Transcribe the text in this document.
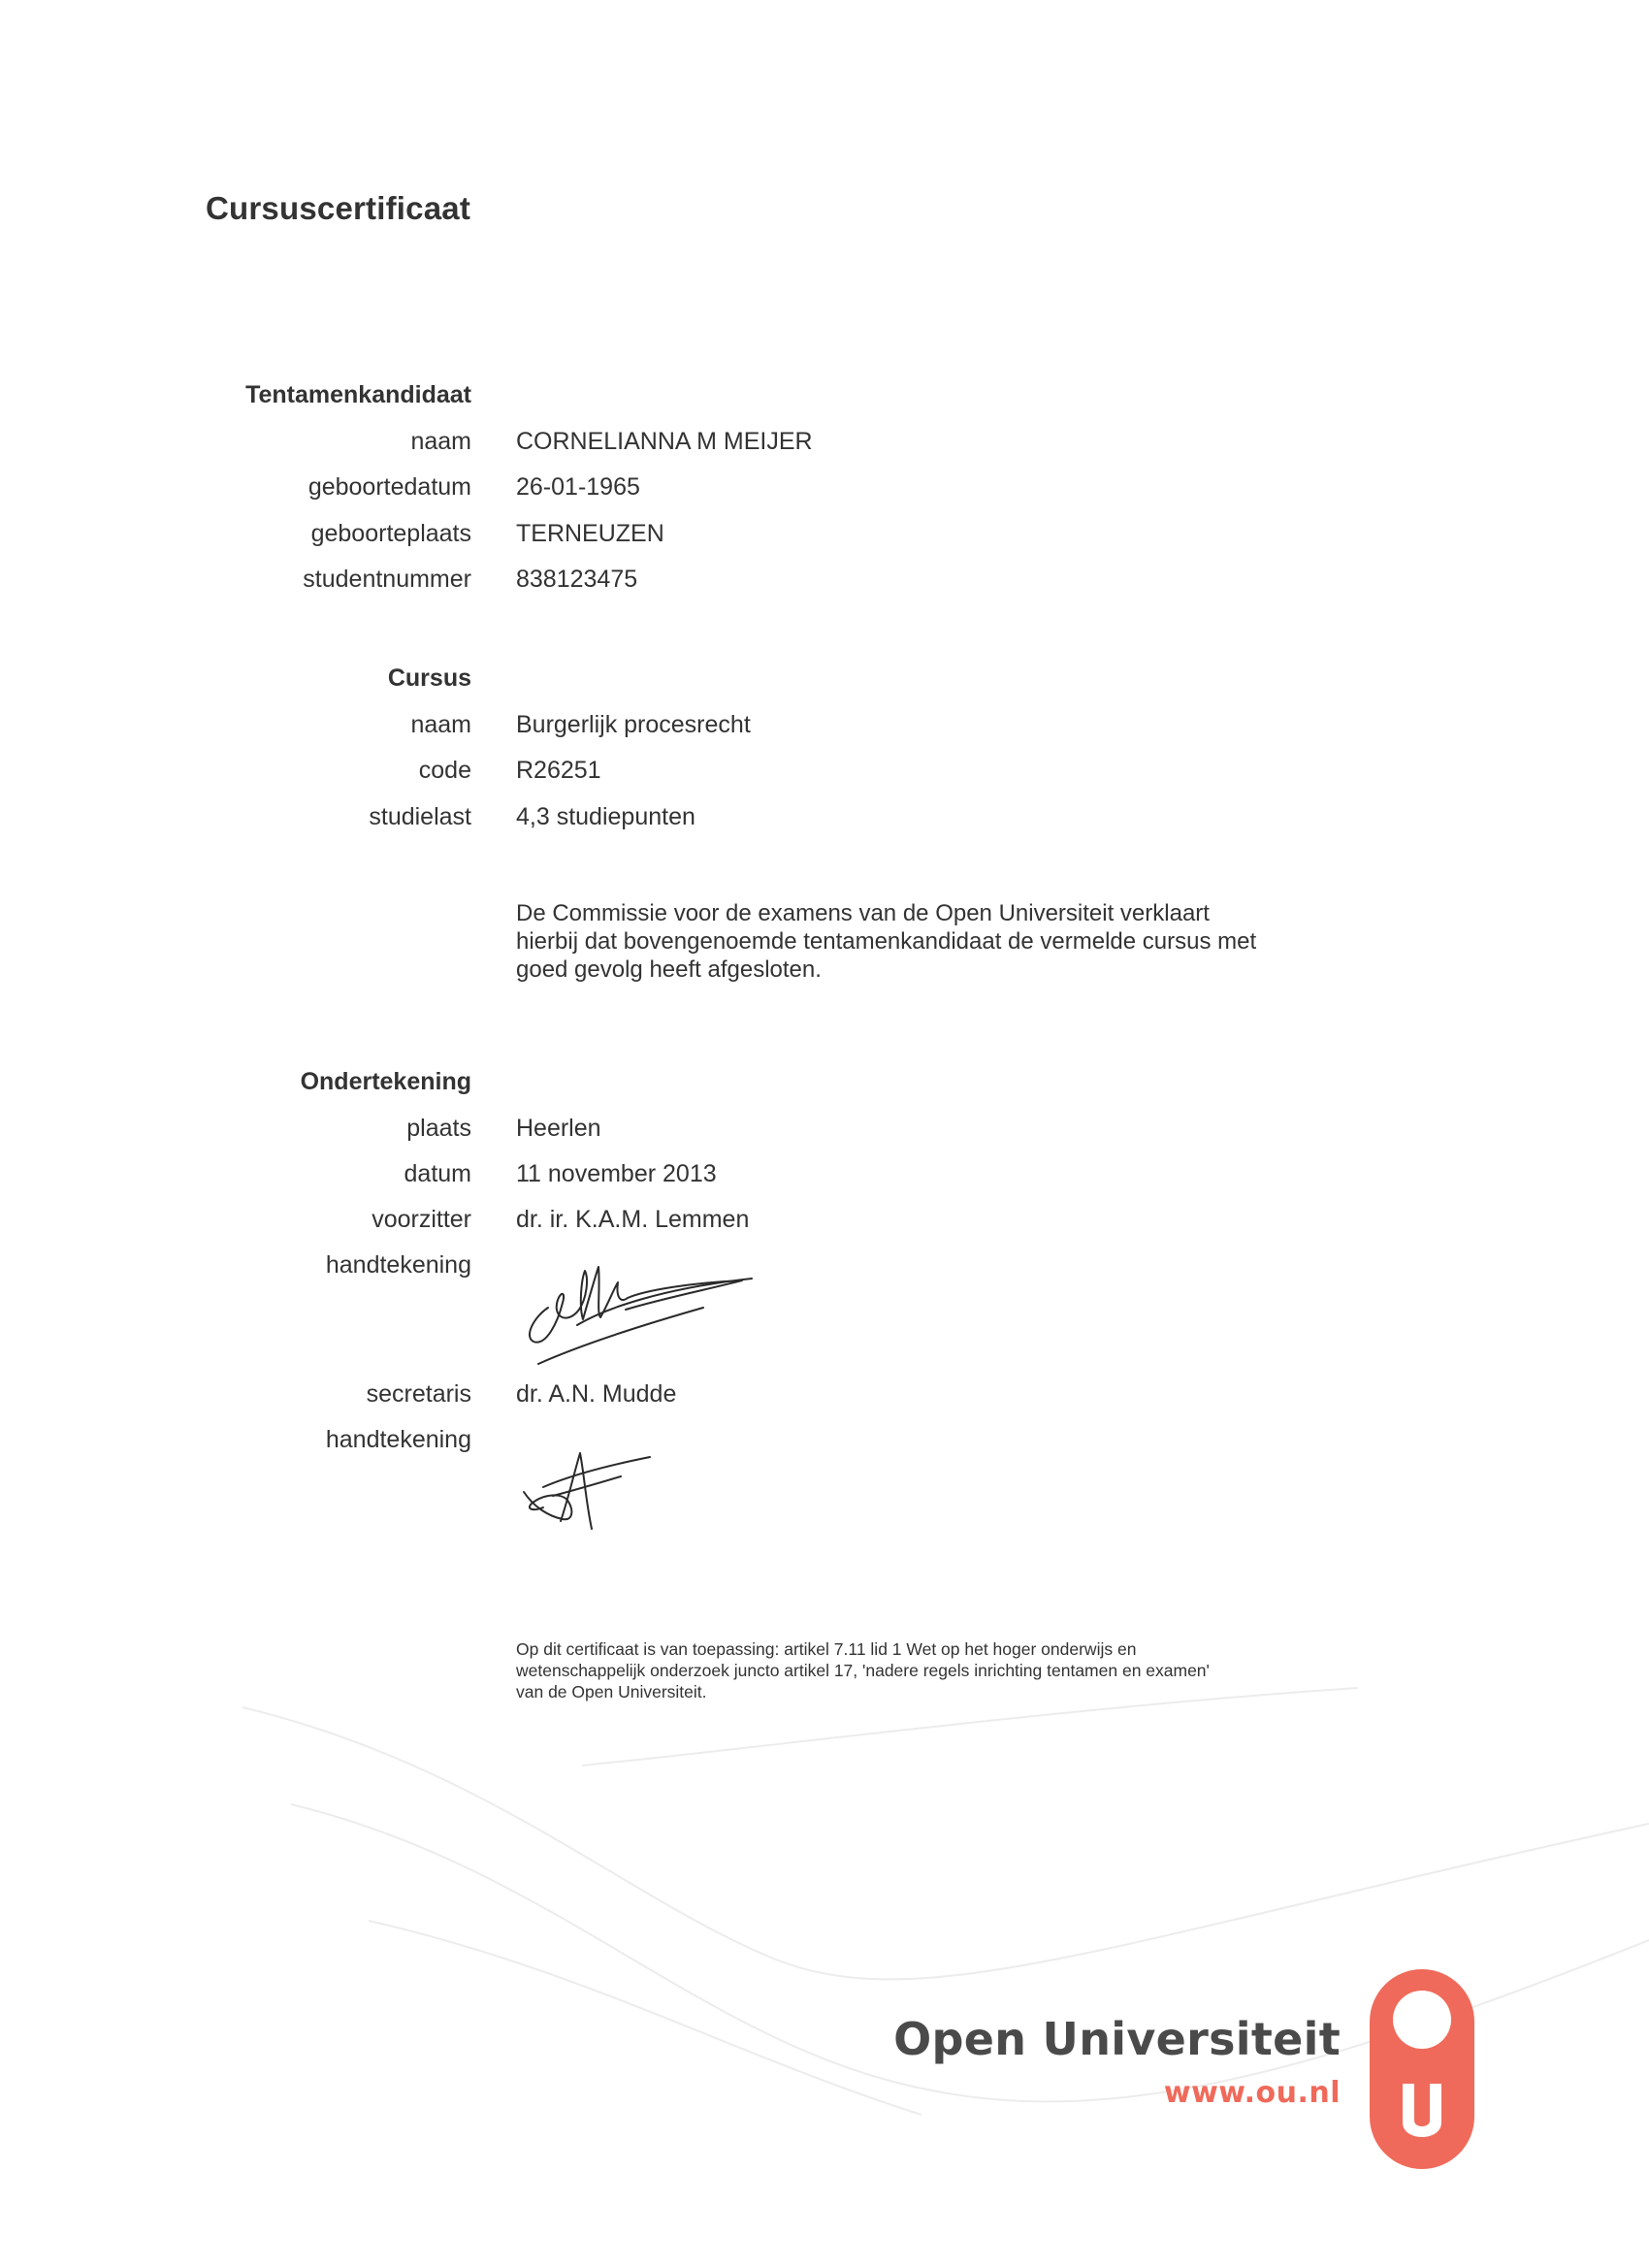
Cursuscertificaat
Tentamenkandidaat
naam CORNELIANNA M MEIJER
geboortedatum 26-01-1965
geboorteplaats TERNEUZEN
studentnummer 838123475
Cursus
naam Burgerlijk procesrecht
code R26251
studielast 4,3 studiepunten
De Commissie voor de examens van de Open Universiteit verklaart hierbij dat bovengenoemde tentamenkandidaat de vermelde cursus met goed gevolg heeft afgesloten.
Ondertekening
plaats Heerlen
datum 11 november 2013
voorzitter dr. ir. K.A.M. Lemmen
handtekening
secretaris dr. A.N. Mudde
handtekening
Op dit certificaat is van toepassing: artikel 7.11 lid 1 Wet op het hoger onderwijs en wetenschappelijk onderzoek juncto artikel 17, 'nadere regels inrichting tentamen en examen' van de Open Universiteit.
Open Universiteit
www.ou.nl
